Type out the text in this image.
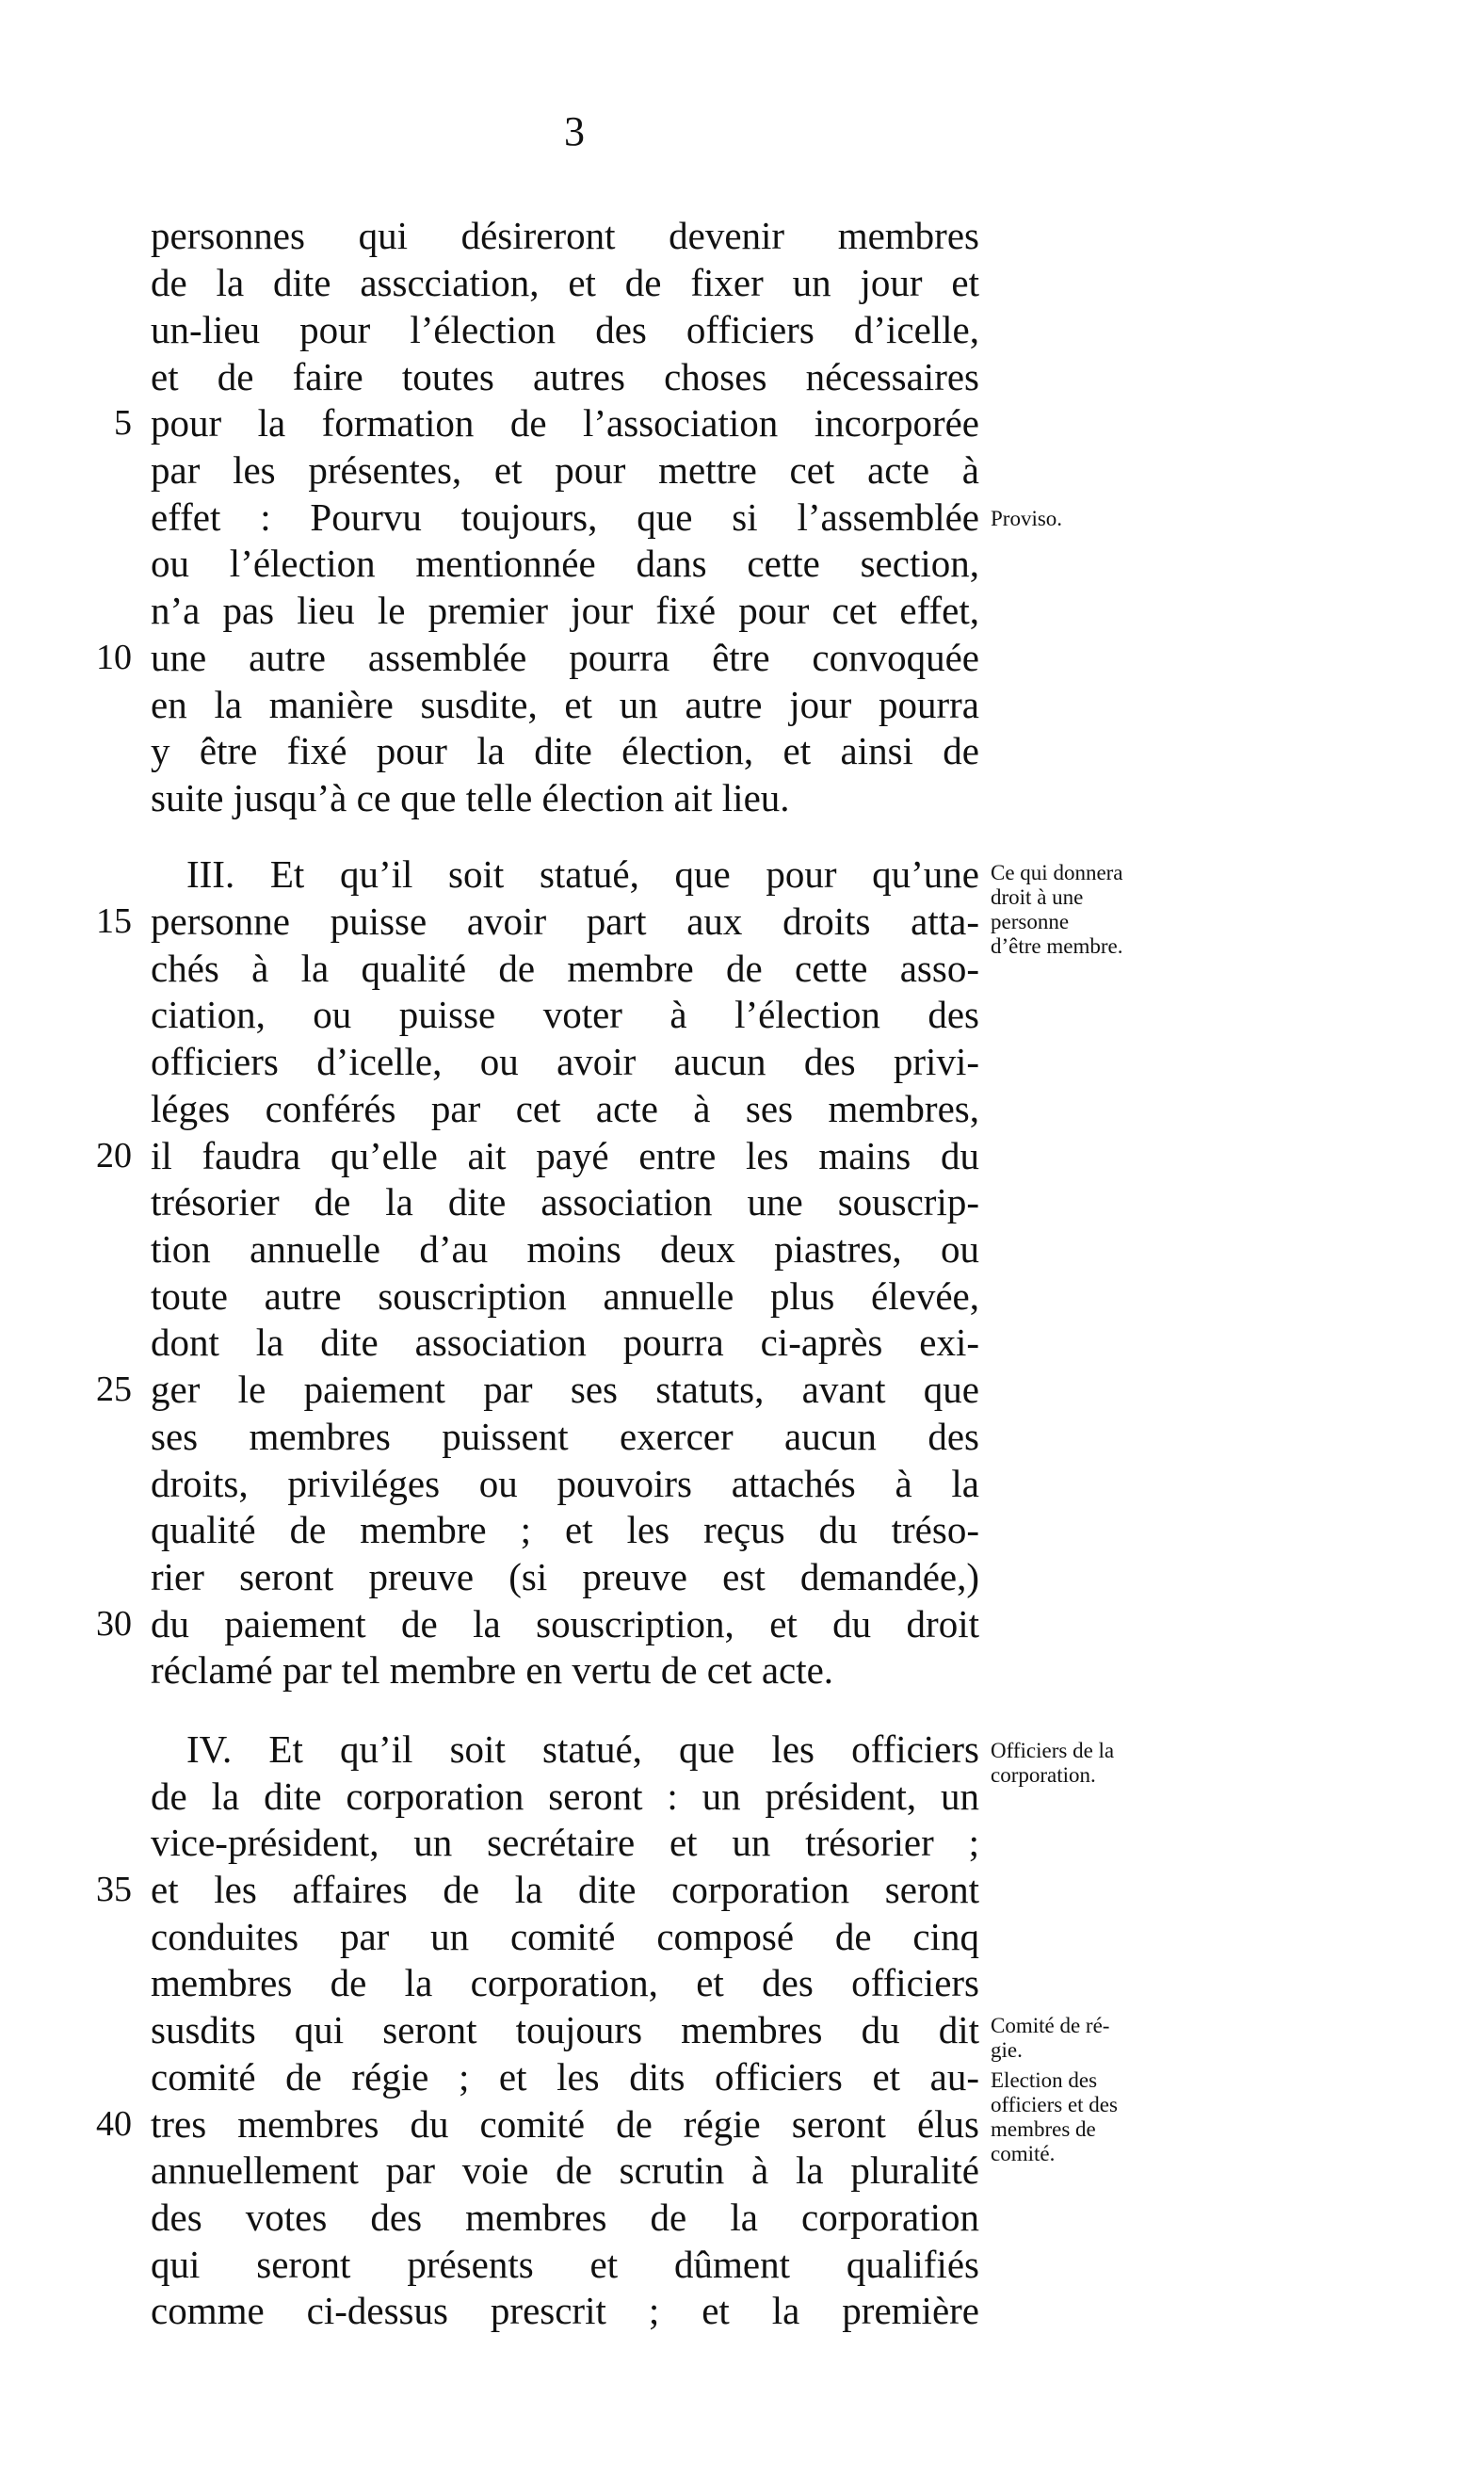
3
personnes qui désireront devenir membres
de la dite asscciation, et de fixer un jour et
un-lieu pour l’élection des officiers d’icelle,
et de faire toutes autres choses nécessaires
pour la formation de l’association incorporée
par les présentes, et pour mettre cet acte à
effet : Pourvu toujours, que si l’assemblée
ou l’élection mentionnée dans cette section,
n’a pas lieu le premier jour fixé pour cet effet,
une autre assemblée pourra être convoquée
en la manière susdite, et un autre jour pourra
y être fixé pour la dite élection, et ainsi de
suite jusqu’à ce que telle élection ait lieu.
III. Et qu’il soit statué, que pour qu’une
personne puisse avoir part aux droits atta-
chés à la qualité de membre de cette asso-
ciation, ou puisse voter à l’élection des
officiers d’icelle, ou avoir aucun des privi-
léges conférés par cet acte à ses membres,
il faudra qu’elle ait payé entre les mains du
trésorier de la dite association une souscrip-
tion annuelle d’au moins deux piastres, ou
toute autre souscription annuelle plus élevée,
dont la dite association pourra ci-après exi-
ger le paiement par ses statuts, avant que
ses membres puissent exercer aucun des
droits, priviléges ou pouvoirs attachés à la
qualité de membre ; et les reçus du tréso-
rier seront preuve (si preuve est demandée,)
du paiement de la souscription, et du droit
réclamé par tel membre en vertu de cet acte.
IV. Et qu’il soit statué, que les officiers
de la dite corporation seront : un président, un
vice-président, un secrétaire et un trésorier ;
et les affaires de la dite corporation seront
conduites par un comité composé de cinq
membres de la corporation, et des officiers
susdits qui seront toujours membres du dit
comité de régie ; et les dits officiers et au-
tres membres du comité de régie seront élus
annuellement par voie de scrutin à la pluralité
des votes des membres de la corporation
qui seront présents et dûment qualifiés
comme ci-dessus prescrit ; et la première
5
10
15
20
25
30
35
40
Proviso.
Ce qui donnera
droit à une
personne
d’être membre.
Officiers de la
corporation.
Comité de ré-
gie.
Election des
officiers et des
membres de
comité.
